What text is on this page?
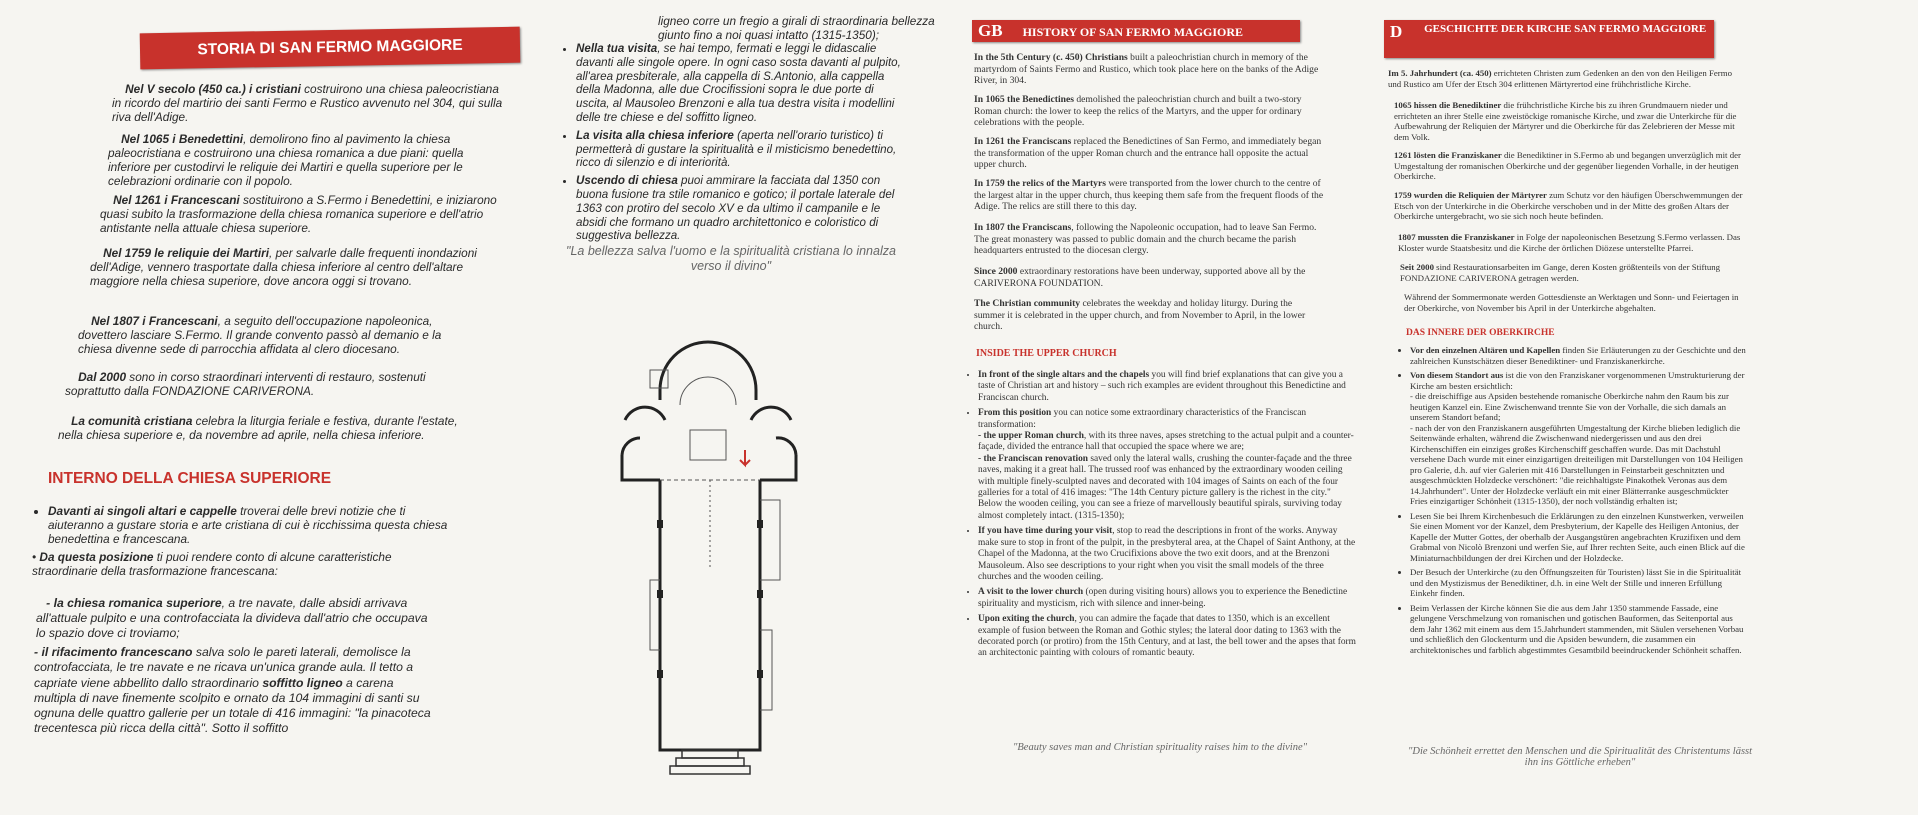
STORIA DI SAN FERMO MAGGIORE
Nel V secolo (450 ca.) i cristiani costruirono una chiesa paleocristiana in ricordo del martirio dei santi Fermo e Rustico avvenuto nel 304, qui sulla riva dell'Adige.
Nel 1065 i Benedettini, demolirono fino al pavimento la chiesa paleocristiana e costruirono una chiesa romanica a due piani: quella inferiore per custodirvi le reliquie dei Martiri e quella superiore per le celebrazioni ordinarie con il popolo.
Nel 1261 i Francescani sostituirono a S.Fermo i Benedettini, e iniziarono quasi subito la trasformazione della chiesa romanica superiore e dell'atrio antistante nella attuale chiesa superiore.
Nel 1759 le reliquie dei Martiri, per salvarle dalle frequenti inondazioni dell'Adige, vennero trasportate dalla chiesa inferiore al centro dell'altare maggiore nella chiesa superiore, dove ancora oggi si trovano.
Nel 1807 i Francescani, a seguito dell'occupazione napoleonica, dovettero lasciare S.Fermo. Il grande convento passò al demanio e la chiesa divenne sede di parrocchia affidata al clero diocesano.
Dal 2000 sono in corso straordinari interventi di restauro, sostenuti soprattutto dalla FONDAZIONE CARIVERONA.
La comunità cristiana celebra la liturgia feriale e festiva, durante l'estate, nella chiesa superiore e, da novembre ad aprile, nella chiesa inferiore.
INTERNO DELLA CHIESA SUPERIORE
• Davanti ai singoli altari e cappelle troverai delle brevi notizie che ti aiuteranno a gustare storia e arte cristiana di cui è ricchissima questa chiesa benedettina e francescana.
• Da questa posizione ti puoi rendere conto di alcune caratteristiche straordinarie della trasformazione francescana:
- la chiesa romanica superiore, a tre navate, dalle absidi arrivava all'attuale pulpito e una controfacciata la divideva dall'atrio che occupava lo spazio dove ci troviamo;
- il rifacimento francescano salva solo le pareti laterali, demolisce la controfacciata, le tre navate e ne ricava un'unica grande aula. Il tetto a capriate viene abbellito dallo straordinario soffitto ligneo a carena multipla di nave finemente scolpito e ornato da 104 immagini di santi su ognuna delle quattro gallerie per un totale di 416 immagini: "la pinacoteca trecentesca più ricca della città". Sotto il soffitto
ligneo corre un fregio a girali di straordinaria bellezza giunto fino a noi quasi intatto (1315-1350);
• Nella tua visita, se hai tempo, fermati e leggi le didascalie davanti alle singole opere. In ogni caso sosta davanti al pulpito, all'area presbiterale, alla cappella di S.Antonio, alla cappella della Madonna, alle due Crocifissioni sopra le due porte di uscita, al Mausoleo Brenzoni e alla tua destra visita i modellini delle tre chiese e del soffitto ligneo.
• La visita alla chiesa inferiore (aperta nell'orario turistico) ti permetterà di gustare la spiritualità e il misticismo benedettino, ricco di silenzio e di interiorità.
• Uscendo di chiesa puoi ammirare la facciata dal 1350 con buona fusione tra stile romanico e gotico; il portale laterale del 1363 con protiro del secolo XV e da ultimo il campanile e le absidi che formano un quadro architettonico e coloristico di suggestiva bellezza.
"La bellezza salva l'uomo e la spiritualità cristiana lo innalza verso il divino"
GB HISTORY OF SAN FERMO MAGGIORE
In the 5th Century (c. 450) Christians built a paleochristian church in memory of the martyrdom of Saints Fermo and Rustico, which took place here on the banks of the Adige River, in 304.
In 1065 the Benedictines demolished the paleochristian church and built a two-story Roman church: the lower to keep the relics of the Martyrs, and the upper for ordinary celebrations with the people.
In 1261 the Franciscans replaced the Benedictines of San Fermo, and immediately began the transformation of the upper Roman church and the entrance hall opposite the actual upper church.
In 1759 the relics of the Martyrs were transported from the lower church to the centre of the largest altar in the upper church, thus keeping them safe from the frequent floods of the Adige. The relics are still there to this day.
In 1807 the Franciscans, following the Napoleonic occupation, had to leave San Fermo. The great monastery was passed to public domain and the church became the parish headquarters entrusted to the diocesan clergy.
Since 2000 extraordinary restorations have been underway, supported above all by the CARIVERONA FOUNDATION.
The Christian community celebrates the weekday and holiday liturgy. During the summer it is celebrated in the upper church, and from November to April, in the lower church.
INSIDE THE UPPER CHURCH
• In front of the single altars and the chapels you will find brief explanations that can give you a taste of Christian art and history – such rich examples are evident throughout this Benedictine and Franciscan church.
• From this position you can notice some extraordinary characteristics of the Franciscan transformation:
- the upper Roman church, with its three naves, apses stretching to the actual pulpit and a counter-façade, divided the entrance hall that occupied the space where we are;
- the Franciscan renovation saved only the lateral walls, crushing the counter-façade and the three naves, making it a great hall. The trussed roof was enhanced by the extraordinary wooden ceiling with multiple finely-sculpted naves and decorated with 104 images of Saints on each of the four galleries for a total of 416 images: "The 14th Century picture gallery is the richest in the city." Below the wooden ceiling, you can see a frieze of marvellously beautiful spirals, surviving today almost completely intact. (1315-1350);
• If you have time during your visit, stop to read the descriptions in front of the works. Anyway make sure to stop in front of the pulpit, in the presbyteral area, at the Chapel of Saint Anthony, at the Chapel of the Madonna, at the two Crucifixions above the two exit doors, and at the Brenzoni Mausoleum. Also see descriptions to your right when you visit the small models of the three churches and the wooden ceiling.
• A visit to the lower church (open during visiting hours) allows you to experience the Benedictine spirituality and mysticism, rich with silence and inner-being.
• Upon exiting the church, you can admire the façade that dates to 1350, which is an excellent example of fusion between the Roman and Gothic styles; the lateral door dating to 1363 with the decorated porch (or protiro) from the 15th Century, and at last, the bell tower and the apses that form an architectonic painting with colours of romantic beauty.
"Beauty saves man and Christian spirituality raises him to the divine"
D	GESCHICHTE DER KIRCHE SAN FERMO MAGGIORE
Im 5. Jahrhundert (ca. 450) errichteten Christen zum Gedenken an den von den Heiligen Fermo und Rustico am Ufer der Etsch 304 erlittenen Märtyrertod eine frühchristliche Kirche.
1065 hissen die Benediktiner die frühchristliche Kirche bis zu ihren Grundmauern nieder und errichteten an ihrer Stelle eine zweistöckige romanische Kirche, und zwar die Unterkirche für die Aufbewahrung der Reliquien der Märtyrer und die Oberkirche für das Zelebrieren der Messe mit dem Volk.
1261 lösten die Franziskaner die Benediktiner in S.Fermo ab und begangen unverzüglich mit der Umgestaltung der romanischen Oberkirche und der gegenüber liegenden Vorhalle, in der heutigen Oberkirche.
1759 wurden die Reliquien der Märtyrer zum Schutz vor den häufigen Überschwemmungen der Etsch von der Unterkirche in die Oberkirche verschoben und in der Mitte des großen Altars der Oberkirche untergebracht, wo sie sich noch heute befinden.
1807 mussten die Franziskaner in Folge der napoleonischen Besetzung S.Fermo verlassen. Das Kloster wurde Staatsbesitz und die Kirche der örtlichen Diözese unterstellte Pfarrei.
Seit 2000 sind Restaurationsarbeiten im Gange, deren Kosten größtenteils von der Stiftung FONDAZIONE CARIVERONA getragen werden.
Während der Sommermonate werden Gottesdienste an Werktagen und Sonn- und Feiertagen in der Oberkirche, von November bis April in der Unterkirche abgehalten.
DAS INNERE DER OBERKIRCHE
• Vor den einzelnen Altären und Kapellen finden Sie Erläuterungen zu der Geschichte und den zahlreichen Kunstschätzen dieser Benediktiner- und Franziskanerkirche.
• Von diesem Standort aus ist die von den Franziskaner vorgenommenen Umstrukturierung der Kirche am besten ersichtlich:
- die dreischiffige aus Apsiden bestehende romanische Oberkirche nahm den Raum bis zur heutigen Kanzel ein. Eine Zwischenwand trennte Sie von der Vorhalle, die sich damals an unserem Standort befand;
- nach der von den Franziskanern ausgeführten Umgestaltung der Kirche blieben lediglich die Seitenwände erhalten, während die Zwischenwand niedergerissen und aus den drei Kirchenschiffen ein einziges großes Kirchenschiff geschaffen wurde. Das mit Dachstuhl versehene Dach wurde mit einer einzigartigen dreiteiligen mit Darstellungen von 104 Heiligen pro Galerie, d.h. auf vier Galerien mit 416 Darstellungen in Feinstarbeit geschnitzten und ausgeschmückten Holzdecke verschönert: "die reichhaltigste Pinakothek Veronas aus dem 14.Jahrhundert". Unter der Holzdecke verläuft ein mit einer Blätterranke ausgeschmückter Fries einzigartiger Schönheit (1315-1350), der noch vollständig erhalten ist;
• Lesen Sie bei Ihrem Kirchenbesuch die Erklärungen zu den einzelnen Kunstwerken, verweilen Sie einen Moment vor der Kanzel, dem Presbyterium, der Kapelle des Heiligen Antonius, der Kapelle der Mutter Gottes, der oberhalb der Ausgangstüren angebrachten Kruzifixen und dem Grabmal von Nicolò Brenzoni und werfen Sie, auf Ihrer rechten Seite, auch einen Blick auf die Miniaturnachbildungen der drei Kirchen und der Holzdecke.
• Der Besuch der Unterkirche (zu den Öffnungszeiten für Touristen) lässt Sie in die Spiritualität und den Mystizismus der Benediktiner, d.h. in eine Welt der Stille und inneren Erfüllung Einkehr finden.
• Beim Verlassen der Kirche können Sie die aus dem Jahr 1350 stammende Fassade, eine gelungene Verschmelzung von romanischen und gotischen Bauformen, das Seitenportal aus dem Jahr 1362 mit einem aus dem 15.Jahrhundert stammenden, mit Säulen versehenen Vorbau und schließlich den Glockenturm und die Apsiden bewundern, die zusammen ein architektonisches und farblich abgestimmtes Gesamtbild beeindruckender Schönheit schaffen.
"Die Schönheit errettet den Menschen und die Spiritualität des Christentums lässt ihn ins Göttliche erheben"
